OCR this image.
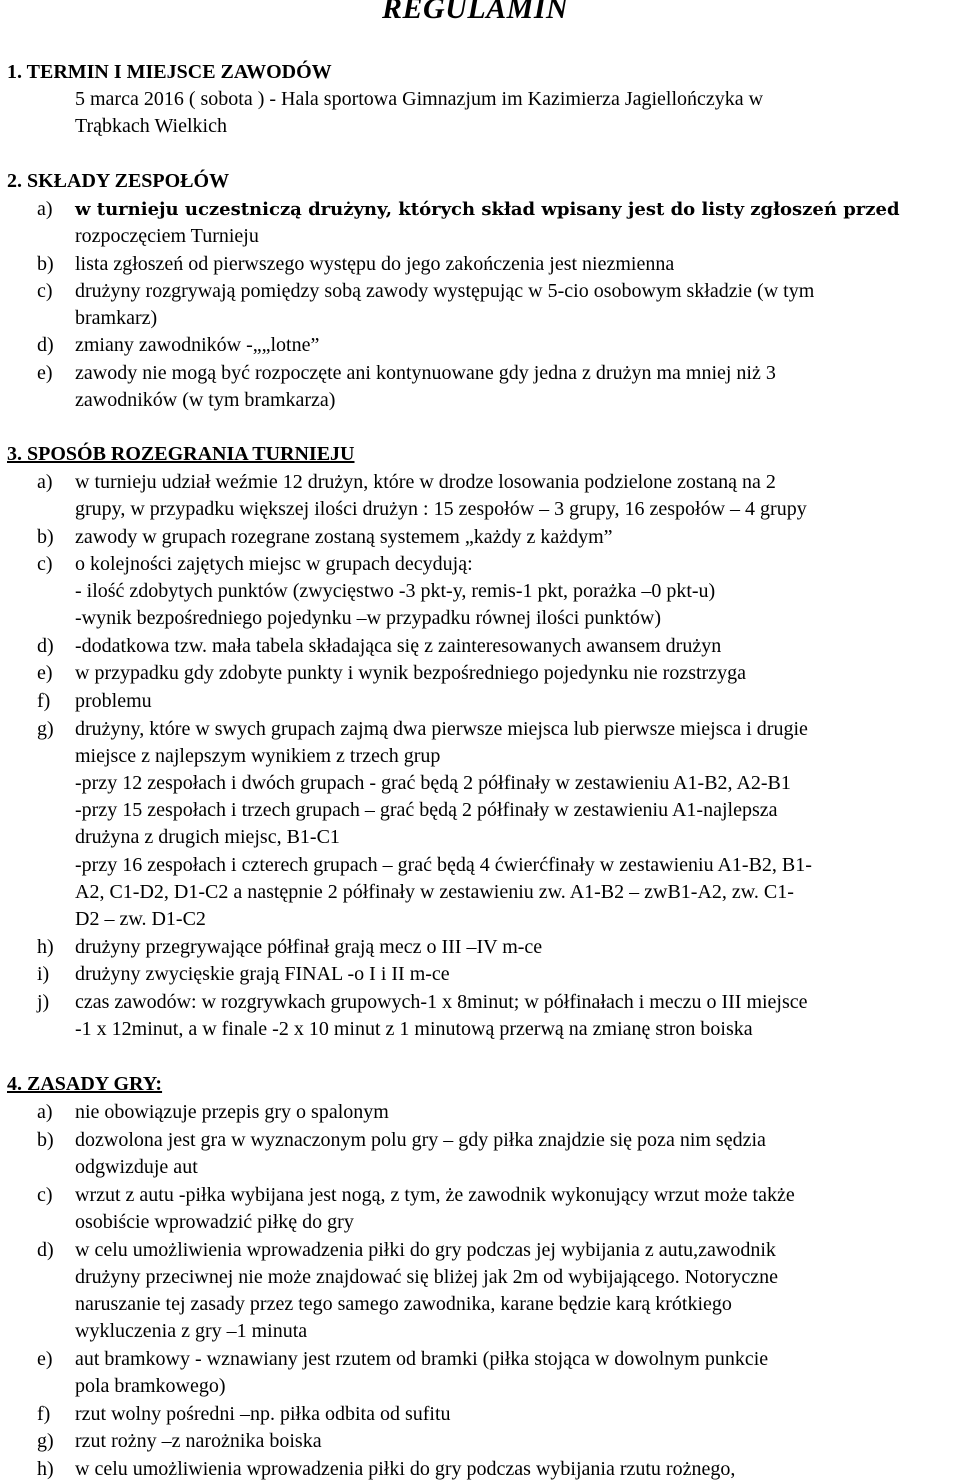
REGULAMIN
1. TERMIN I MIEJSCE ZAWODÓW
5 marca 2016 ( sobota ) - Hala sportowa Gimnazjum im Kazimierza Jagiellończyka w
Trąbkach Wielkich
2. SKŁADY ZESPOŁÓW
a) w turnieju uczestniczą drużyny, których skład wpisany jest do listy zgłoszeń przed
rozpoczęciem Turnieju
b) lista zgłoszeń od pierwszego występu do jego zakończenia jest niezmienna
c) drużyny rozgrywają pomiędzy sobą zawody występując w 5-cio osobowym składzie (w tym
bramkarz)
d) zmiany zawodników -„„lotne”
e) zawody nie mogą być rozpoczęte ani kontynuowane gdy jedna z drużyn ma mniej niż 3
zawodników (w tym bramkarza)
3. SPOSÓB ROZEGRANIA TURNIEJU
a) w turnieju udział weźmie 12 drużyn, które w drodze losowania podzielone zostaną na 2
grupy, w przypadku większej ilości drużyn : 15 zespołów – 3 grupy, 16 zespołów – 4 grupy
b) zawody w grupach rozegrane zostaną systemem „każdy z każdym”
c) o kolejności zajętych miejsc w grupach decydują:
- ilość zdobytych punktów (zwycięstwo -3 pkt-y, remis-1 pkt, porażka –0 pkt-u)
-wynik bezpośredniego pojedynku –w przypadku równej ilości punktów)
d) -dodatkowa tzw. mała tabela składająca się z zainteresowanych awansem drużyn
e) w przypadku gdy zdobyte punkty i wynik bezpośredniego pojedynku nie rozstrzyga
f) problemu
g) drużyny, które w swych grupach zajmą dwa pierwsze miejsca lub pierwsze miejsca i drugie
miejsce z najlepszym wynikiem z trzech grup
-przy 12 zespołach i dwóch grupach - grać będą 2 półfinały w zestawieniu A1-B2, A2-B1
-przy 15 zespołach i trzech grupach – grać będą 2 półfinały w zestawieniu A1-najlepsza
drużyna z drugich miejsc, B1-C1
-przy 16 zespołach i czterech grupach – grać będą 4 ćwierćfinały w zestawieniu A1-B2, B1-
A2, C1-D2, D1-C2 a następnie 2 półfinały w zestawieniu zw. A1-B2 – zwB1-A2, zw. C1-
D2 – zw. D1-C2
h) drużyny przegrywające półfinał grają mecz o III –IV m-ce
i) drużyny zwycięskie grają FINAL -o I i II m-ce
j) czas zawodów: w rozgrywkach grupowych-1 x 8minut; w półfinałach i meczu o III miejsce
-1 x 12minut, a w finale -2 x 10 minut z 1 minutową przerwą na zmianę stron boiska
4. ZASADY GRY:
a) nie obowiązuje przepis gry o spalonym
b) dozwolona jest gra w wyznaczonym polu gry – gdy piłka znajdzie się poza nim sędzia
odgwizduje aut
c) wrzut z autu -piłka wybijana jest nogą, z tym, że zawodnik wykonujący wrzut może także
osobiście wprowadzić piłkę do gry
d) w celu umożliwienia wprowadzenia piłki do gry podczas jej wybijania z autu,zawodnik
drużyny przeciwnej nie może znajdować się bliżej jak 2m od wybijającego. Notoryczne
naruszanie tej zasady przez tego samego zawodnika, karane będzie karą krótkiego
wykluczenia z gry –1 minuta
e) aut bramkowy - wznawiany jest rzutem od bramki (piłka stojąca w dowolnym punkcie
pola bramkowego)
f) rzut wolny pośredni –np. piłka odbita od sufitu
g) rzut rożny –z narożnika boiska
h) w celu umożliwienia wprowadzenia piłki do gry podczas wybijania rzutu rożnego,
